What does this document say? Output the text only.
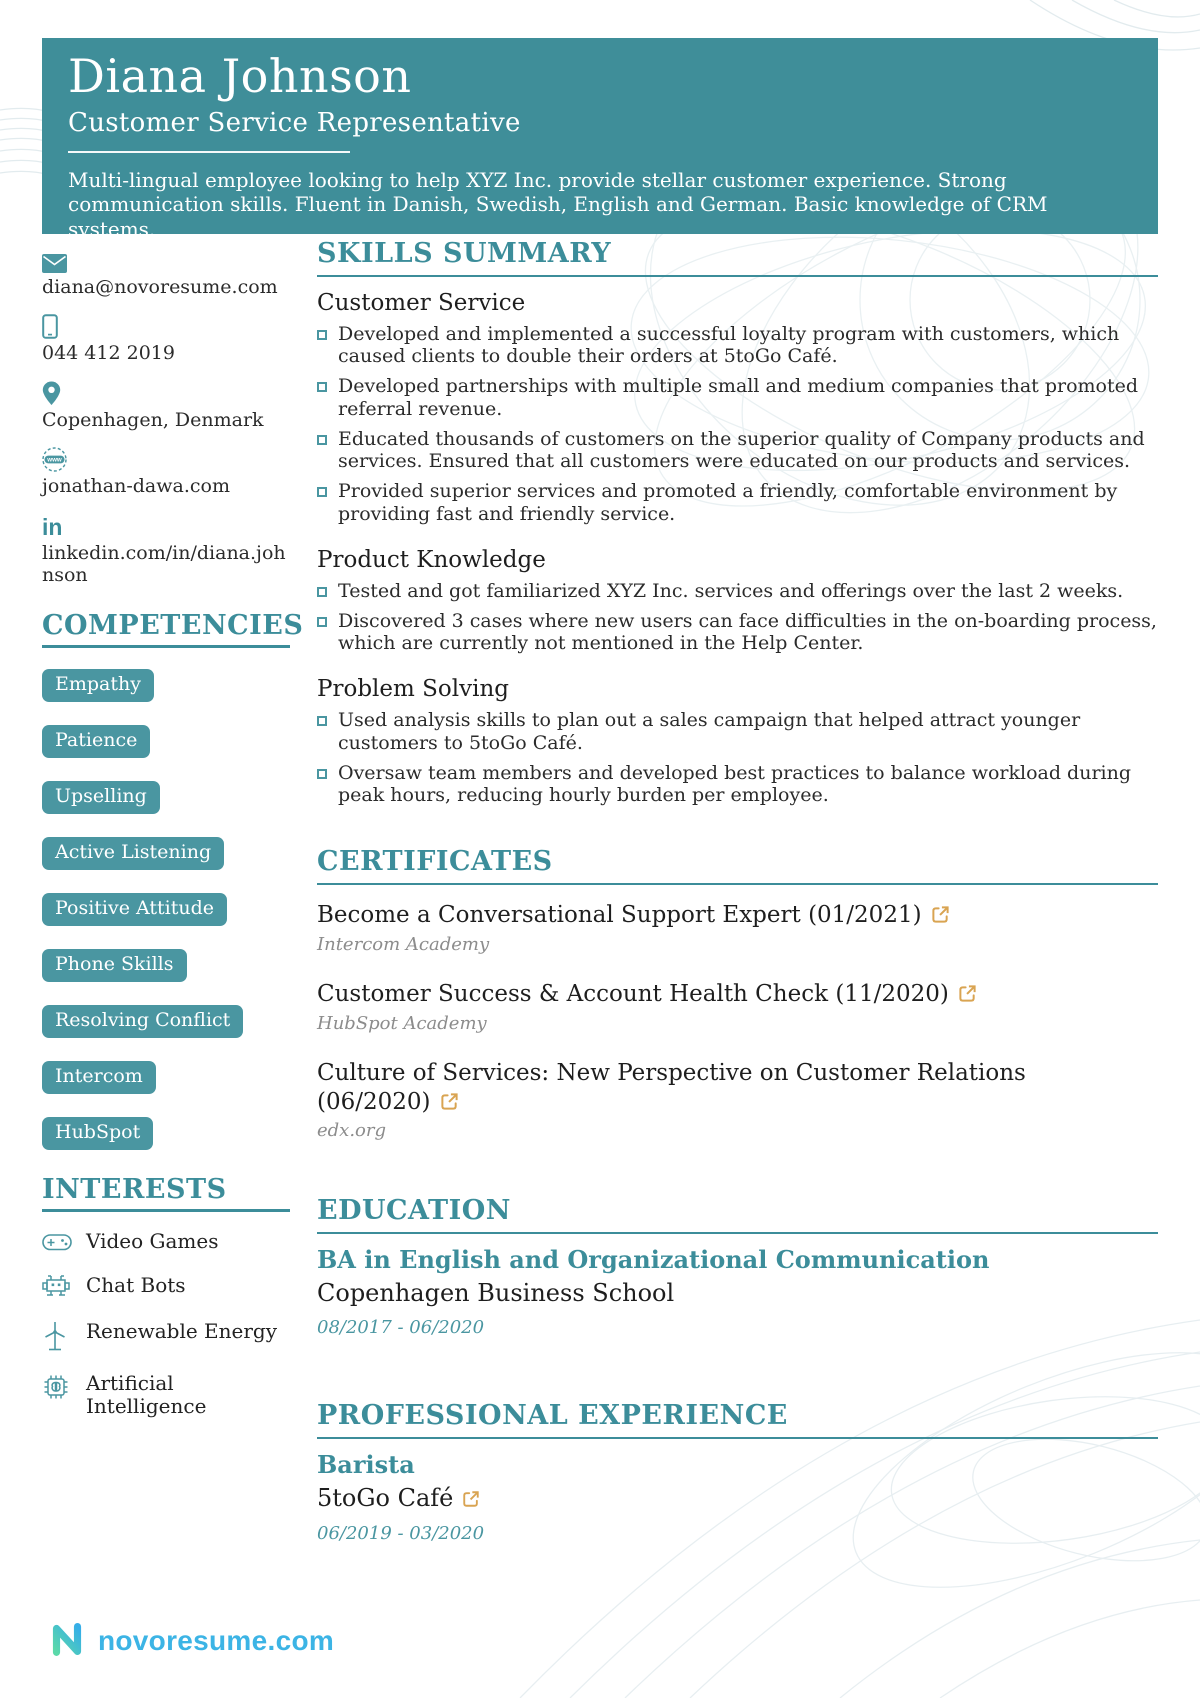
Diana Johnson
Customer Service Representative
Multi-lingual employee looking to help XYZ Inc. provide stellar customer experience. Strong communication skills. Fluent in Danish, Swedish, English and German. Basic knowledge of CRM systems.
diana@novoresume.com
044 412 2019
Copenhagen, Denmark
www
jonathan-dawa.com
in
linkedin.com/in/diana.johnson
COMPETENCIES
Empathy
Patience
Upselling
Active Listening
Positive Attitude
Phone Skills
Resolving Conflict
Intercom
HubSpot
INTERESTS
Video Games
Chat Bots
Renewable Energy
Artificial Intelligence
SKILLS SUMMARY
Customer Service
Developed and implemented a successful loyalty program with customers, which caused clients to double their orders at 5toGo Café.
Developed partnerships with multiple small and medium companies that promoted referral revenue.
Educated thousands of customers on the superior quality of Company products and services. Ensured that all customers were educated on our products and services.
Provided superior services and promoted a friendly, comfortable environment by providing fast and friendly service.
Product Knowledge
Tested and got familiarized XYZ Inc. services and offerings over the last 2 weeks.
Discovered 3 cases where new users can face difficulties in the on-boarding process, which are currently not mentioned in the Help Center.
Problem Solving
Used analysis skills to plan out a sales campaign that helped attract younger customers to 5toGo Café.
Oversaw team members and developed best practices to balance workload during peak hours, reducing hourly burden per employee.
CERTIFICATES
Become a Conversational Support Expert (01/2021)
Intercom Academy
Customer Success & Account Health Check (11/2020)
HubSpot Academy
Culture of Services: New Perspective on Customer Relations (06/2020)
edx.org
EDUCATION
BA in English and Organizational Communication
Copenhagen Business School
08/2017 - 06/2020
PROFESSIONAL EXPERIENCE
Barista
5toGo Café
06/2019 - 03/2020
novoresume.com
